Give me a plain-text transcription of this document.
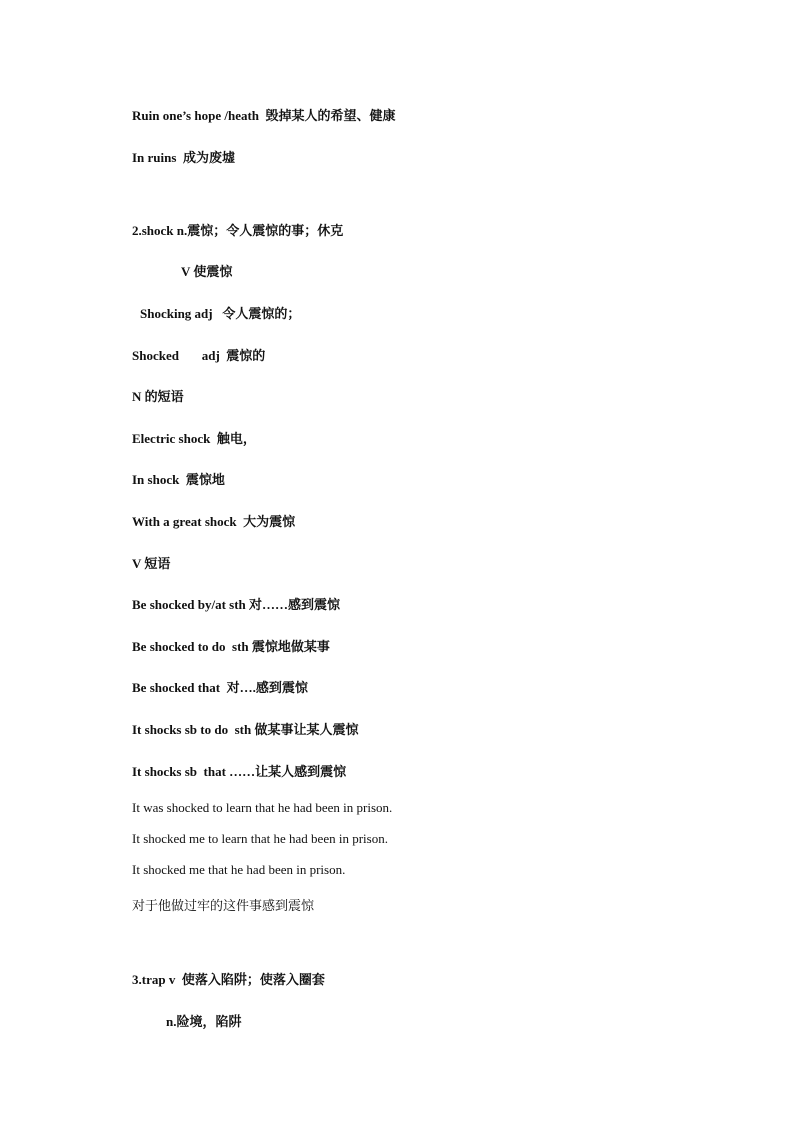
Ruin one’s hope /heath  毁掉某人的希望、健康
In ruins  成为废墟
2.shock n.震惊；令人震惊的事；休克
V 使震惊
Shocking adj   令人震惊的；
Shocked       adj  震惊的
N 的短语
Electric shock  触电，
In shock  震惊地
With a great shock  大为震惊
V 短语
Be shocked by/at sth 对……感到震惊
Be shocked to do  sth 震惊地做某事
Be shocked that  对….感到震惊
It shocks sb to do  sth 做某事让某人震惊
It shocks sb  that ……让某人感到震惊
It was shocked to learn that he had been in prison.
It shocked me to learn that he had been in prison.
It shocked me that he had been in prison.
对于他做过牢的这件事感到震惊
3.trap v  使落入陷阱；使落入圈套
n.险境，陷阱
